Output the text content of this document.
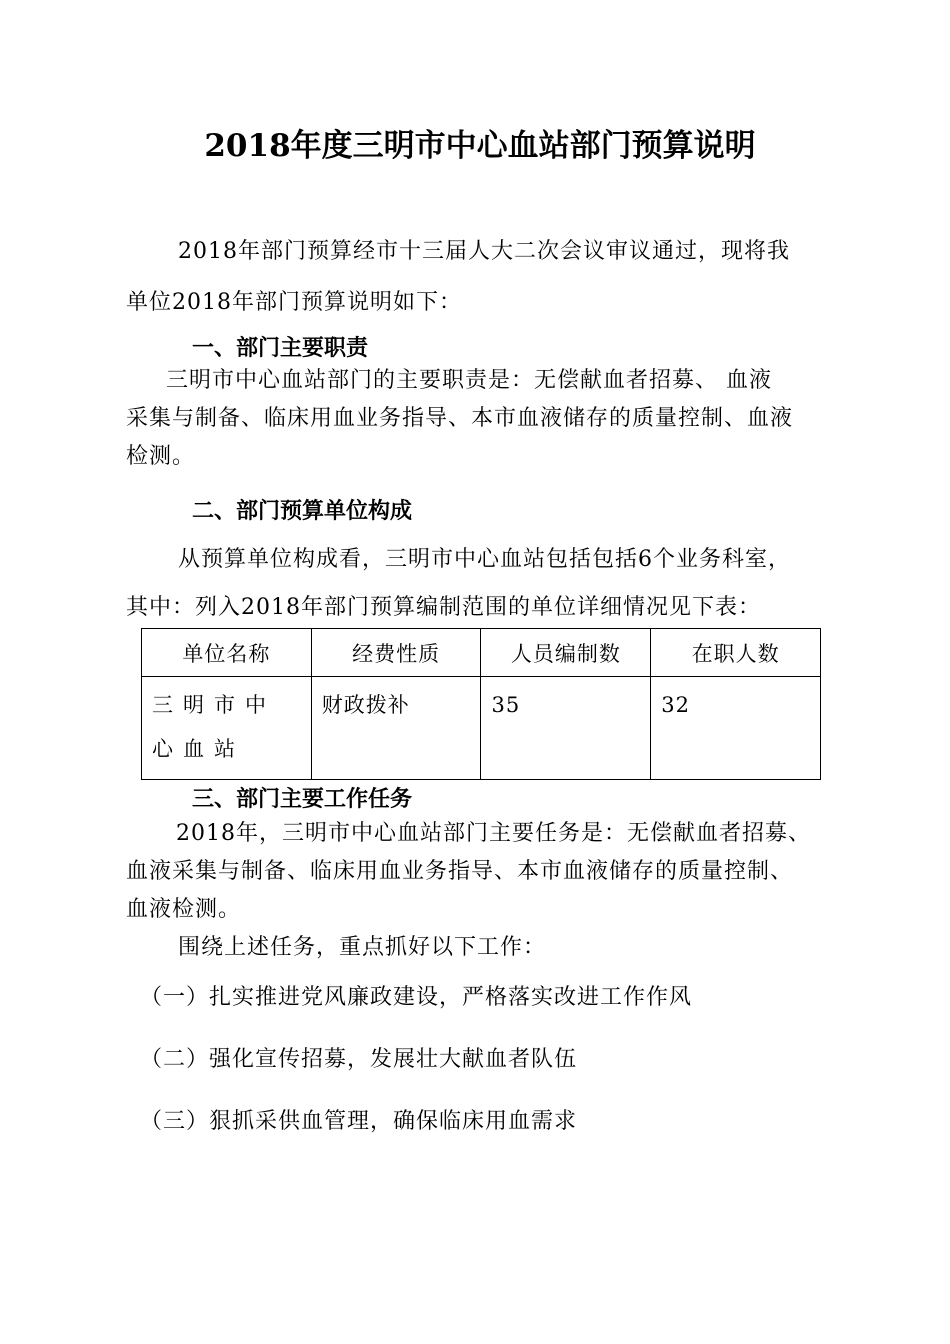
2018年度三明市中心血站部门预算说明
2018年部门预算经市十三届人大二次会议审议通过，现将我
单位2018年部门预算说明如下：
一、部门主要职责
三明市中心血站部门的主要职责是：无偿献血者招募、 血液
采集与制备、临床用血业务指导、本市血液储存的质量控制、血液
检测。
二、部门预算单位构成
从预算单位构成看，三明市中心血站包括包括6个业务科室，
其中：列入2018年部门预算编制范围的单位详细情况见下表：
单位名称	经费性质	人员编制数	在职人数
三明市中心血站	财政拨补	35	32
三、部门主要工作任务
2018年，三明市中心血站部门主要任务是：无偿献血者招募、
血液采集与制备、临床用血业务指导、本市血液储存的质量控制、
血液检测。
围绕上述任务，重点抓好以下工作：
（一）扎实推进党风廉政建设，严格落实改进工作作风
（二）强化宣传招募，发展壮大献血者队伍
（三）狠抓采供血管理，确保临床用血需求
